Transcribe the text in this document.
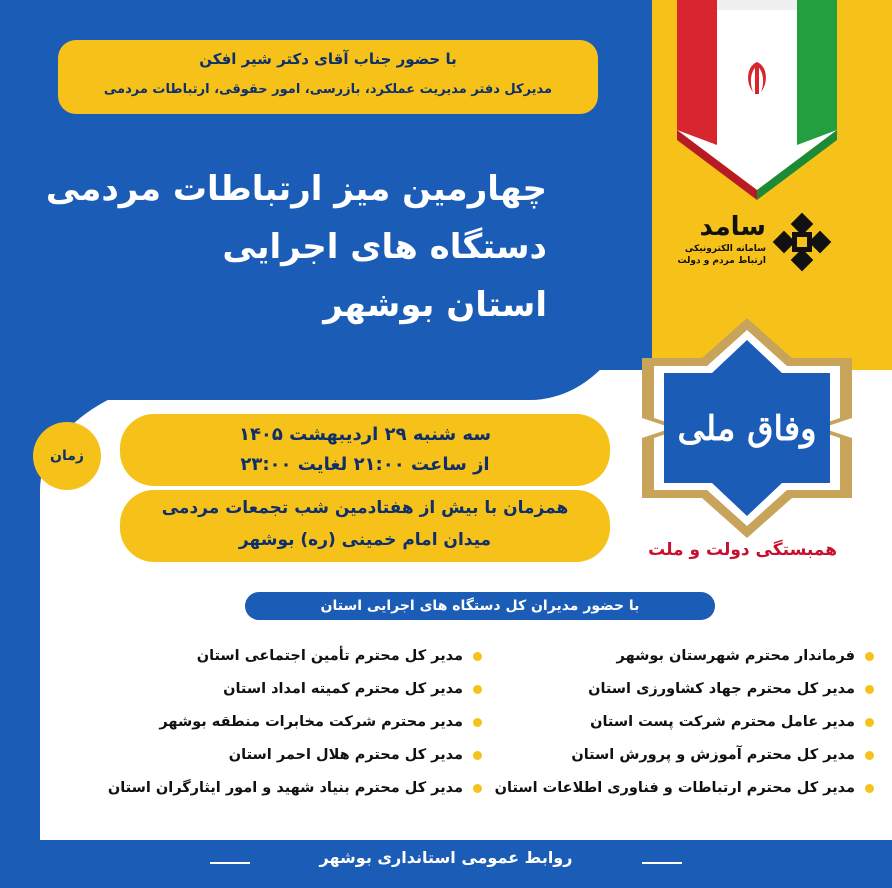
سامد
سامانه الکترونیکی
ارتباط مردم و دولت
وفاق ملی
همبستگی دولت و ملت
با حضور جناب آقای دکتر شیر افکن
مدیرکل دفتر مدیریت عملکرد، بازرسی، امور حقوقی، ارتباطات مردمی
چهارمین میز ارتباطات مردمی
دستگاه های اجرایی
استان بوشهر
زمان
سه شنبه ۲۹ اردیبهشت ۱۴۰۵
از ساعت ۲۱:۰۰ لغایت ۲۳:۰۰
همزمان با بیش از هفتادمین شب تجمعات مردمی
میدان امام خمینی (ره) بوشهر
با حضور مدیران کل دستگاه های اجرایی استان
فرماندار محترم شهرستان بوشهر
مدیر کل محترم جهاد کشاورزی استان
مدیر عامل محترم شرکت پست استان
مدیر کل محترم آموزش و پرورش استان
مدیر کل محترم ارتباطات و فناوری اطلاعات استان
مدیر کل محترم تأمین اجتماعی استان
مدیر کل محترم کمیته امداد استان
مدیر محترم شرکت مخابرات منطقه بوشهر
مدیر کل محترم هلال احمر استان
مدیر کل محترم بنیاد شهید و امور ایثارگران استان
روابط عمومی استانداری بوشهر
